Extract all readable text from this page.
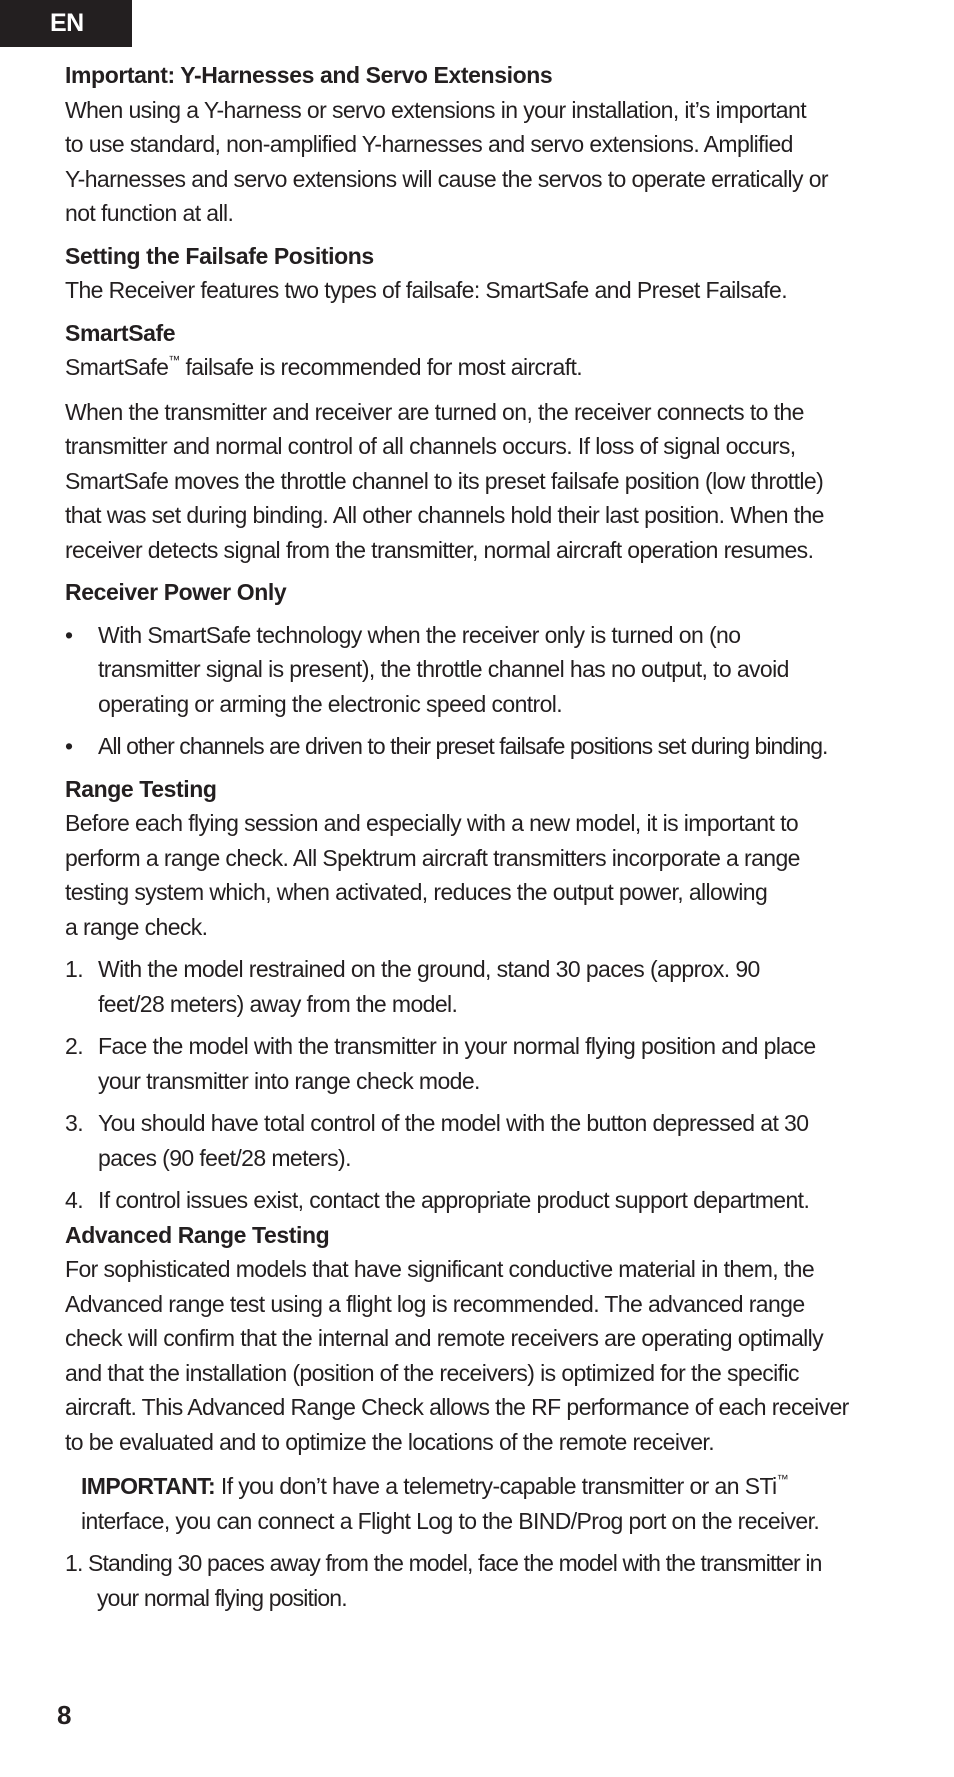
EN

Important: Y-Harnesses and Servo Extensions

When using a Y-harness or servo extensions in your installation, it’s important

to use standard, non-amplified Y-harnesses and servo extensions. Amplified

Y-harnesses and servo extensions will cause the servos to operate erratically or

not function at all.

Setting the Failsafe Positions

The Receiver features two types of failsafe: SmartSafe and Preset Failsafe.

SmartSafe

SmartSafe™ failsafe is recommended for most aircraft.

When the transmitter and receiver are turned on, the receiver connects to the

transmitter and normal control of all channels occurs. If loss of signal occurs,

SmartSafe moves the throttle channel to its preset failsafe position (low throttle)

that was set during binding. All other channels hold their last position. When the

receiver detects signal from the transmitter, normal aircraft operation resumes.

Receiver Power Only

• With SmartSafe technology when the receiver only is turned on (no

transmitter signal is present), the throttle channel has no output, to avoid

operating or arming the electronic speed control.

• All other channels are driven to their preset failsafe positions set during binding.

Range Testing

Before each flying session and especially with a new model, it is important to

perform a range check. All Spektrum aircraft transmitters incorporate a range

testing system which, when activated, reduces the output power, allowing

a range check.

1. With the model restrained on the ground, stand 30 paces (approx. 90

feet/28 meters) away from the model.

2. Face the model with the transmitter in your normal flying position and place

your transmitter into range check mode.

3. You should have total control of the model with the button depressed at 30

paces (90 feet/28 meters).

4. If control issues exist, contact the appropriate product support department.

Advanced Range Testing

For sophisticated models that have significant conductive material in them, the

Advanced range test using a flight log is recommended. The advanced range

check will confirm that the internal and remote receivers are operating optimally

and that the installation (position of the receivers) is optimized for the specific

aircraft. This Advanced Range Check allows the RF performance of each receiver

to be evaluated and to optimize the locations of the remote receiver.

IMPORTANT: If you don’t have a telemetry-capable transmitter or an STi™

interface, you can connect a Flight Log to the BIND/Prog port on the receiver.

1. Standing 30 paces away from the model, face the model with the transmitter in

your normal flying position.

8
